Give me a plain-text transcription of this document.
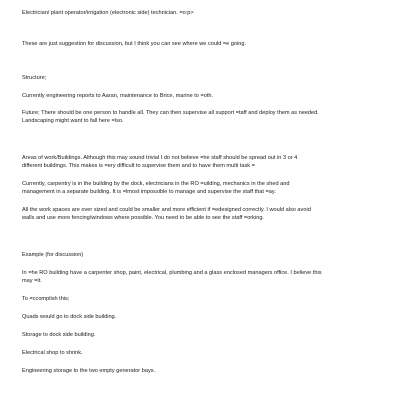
Electrician/ plant operator/irrigation (electronic side) technician. =o:p>

These are just suggestion for discussion, but I think you can see where we could =e going.

Structure;

Currently engineering reports to Aaran, maintenance to Brice, marine to =oth.

Future; There should be one person to handle all. They can then supervise all support =taff and deploy them as needed.

Landscaping might want to fall here =lso.

Areas of work/Buildings. Although this may sound trivial I do not believe =he staff should be spread out in 3 or 4

different buildings. This makes is =ery difficult to supervise them and to have them multi task =

Currently, carpentry is in the building by the dock, electricians in the RO =uilding, mechanics in the shed and

management in a separate building. It is =lmost impossible to manage and supervise the staff that =ay.

All the work spaces are over sized and could be smaller and more efficient if =edesigned correctly. I would also avoid

walls and use more fencing/windows where possible. You need to be able to see the staff =orking.

Example (for discussion)

In =he RO building have a carpenter shop, paint, electrical, plumbing and a glass enclosed managers office. I believe this

may =it.

To =ccomplish this;

Quads would go to dock side building.

Storage to dock side building.

Electrical shop to shrink.

Engineering storage to the two empty generator bays.
